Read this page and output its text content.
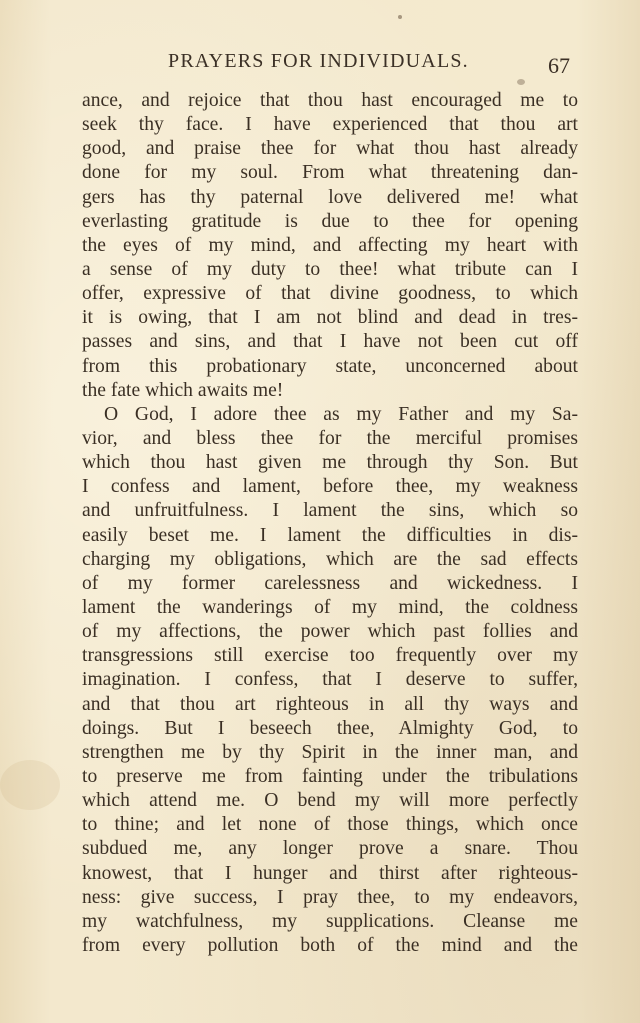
PRAYERS FOR INDIVIDUALS.	67
ance, and rejoice that thou hast encouraged me to
seek thy face. I have experienced that thou art
good, and praise thee for what thou hast already
done for my soul. From what threatening dan-
gers has thy paternal love delivered me! what
everlasting gratitude is due to thee for opening
the eyes of my mind, and affecting my heart with
a sense of my duty to thee! what tribute can I
offer, expressive of that divine goodness, to which
it is owing, that I am not blind and dead in tres-
passes and sins, and that I have not been cut off
from this probationary state, unconcerned about
the fate which awaits me!
O God, I adore thee as my Father and my Sa-
vior, and bless thee for the merciful promises
which thou hast given me through thy Son. But
I confess and lament, before thee, my weakness
and unfruitfulness. I lament the sins, which so
easily beset me. I lament the difficulties in dis-
charging my obligations, which are the sad effects
of my former carelessness and wickedness. I
lament the wanderings of my mind, the coldness
of my affections, the power which past follies and
transgressions still exercise too frequently over my
imagination. I confess, that I deserve to suffer,
and that thou art righteous in all thy ways and
doings. But I beseech thee, Almighty God, to
strengthen me by thy Spirit in the inner man, and
to preserve me from fainting under the tribulations
which attend me. O bend my will more perfectly
to thine; and let none of those things, which once
subdued me, any longer prove a snare. Thou
knowest, that I hunger and thirst after righteous-
ness: give success, I pray thee, to my endeavors,
my watchfulness, my supplications. Cleanse me
from every pollution both of the mind and the
